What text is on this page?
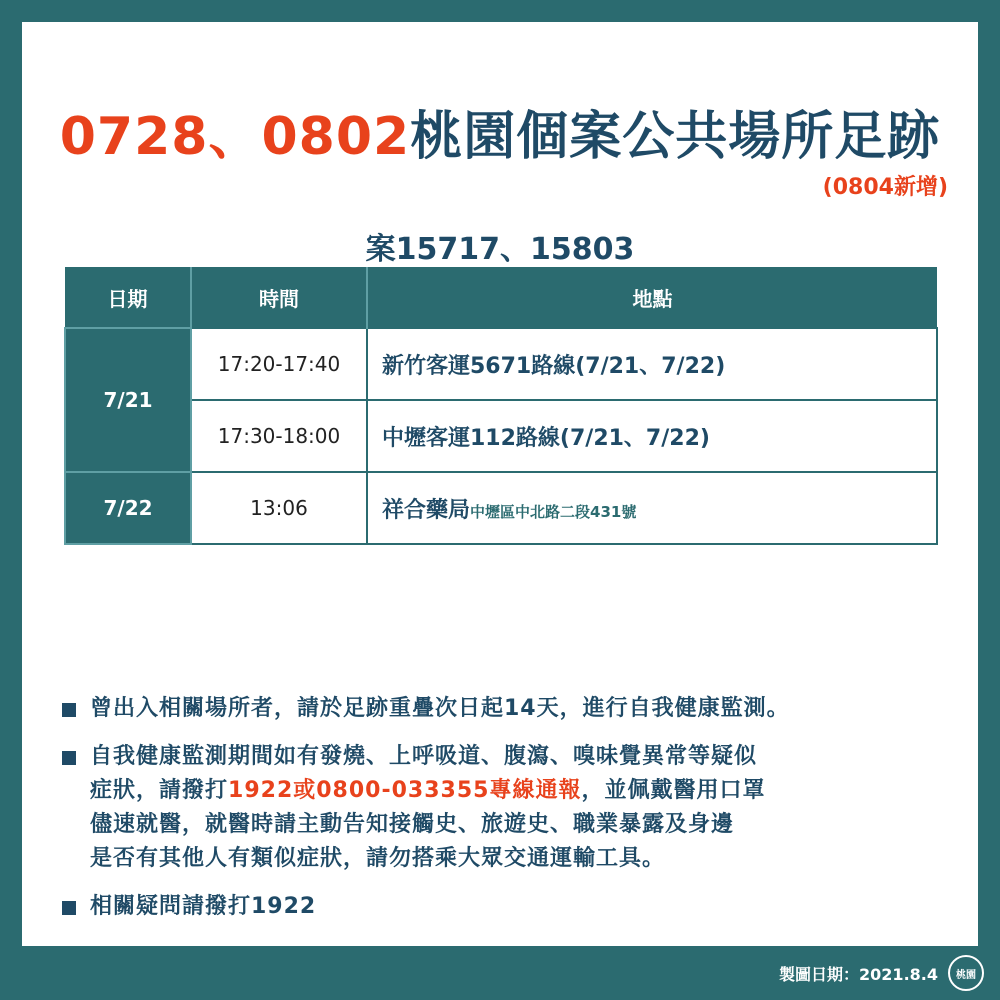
0728、0802桃園個案公共場所足跡
(0804新增)
案15717、15803
日期	時間	地點
7/21	17:20-17:40	新竹客運5671路線(7/21、7/22)
	17:30-18:00	中壢客運112路線(7/21、7/22)
7/22	13:06	祥合藥局中壢區中北路二段431號
曾出入相關場所者，請於足跡重疊次日起14天，進行自我健康監測。
自我健康監測期間如有發燒、上呼吸道、腹瀉、嗅味覺異常等疑似
症狀，請撥打1922或0800-033355專線通報，並佩戴醫用口罩
儘速就醫，就醫時請主動告知接觸史、旅遊史、職業暴露及身邊
是否有其他人有類似症狀，請勿搭乘大眾交通運輸工具。
相關疑問請撥打1922
製圖日期：2021.8.4	桃園
